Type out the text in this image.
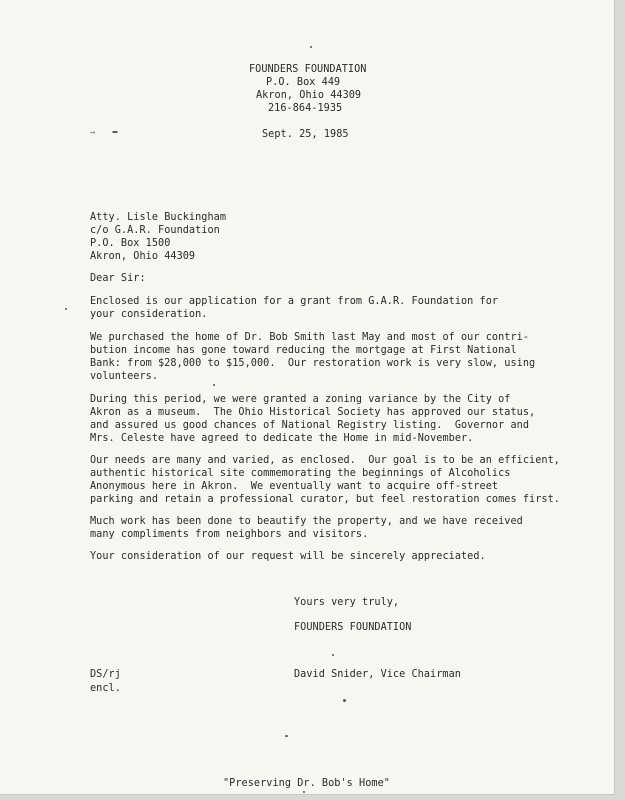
FOUNDERS FOUNDATION
P.O. Box 449
Akron, Ohio 44309
216-864-1935
Sept. 25, 1985
Atty. Lisle Buckingham
c/o G.A.R. Foundation
P.O. Box 1500
Akron, Ohio 44309
Dear Sir:
Enclosed is our application for a grant from G.A.R. Foundation for
your consideration.
We purchased the home of Dr. Bob Smith last May and most of our contri-
bution income has gone toward reducing the mortgage at First National
Bank: from $28,000 to $15,000.  Our restoration work is very slow, using
volunteers.
During this period, we were granted a zoning variance by the City of
Akron as a museum.  The Ohio Historical Society has approved our status,
and assured us good chances of National Registry listing.  Governor and
Mrs. Celeste have agreed to dedicate the Home in mid-November.
Our needs are many and varied, as enclosed.  Our goal is to be an efficient,
authentic historical site commemorating the beginnings of Alcoholics
Anonymous here in Akron.  We eventually want to acquire off-street
parking and retain a professional curator, but feel restoration comes first.
Much work has been done to beautify the property, and we have received
many compliments from neighbors and visitors.
Your consideration of our request will be sincerely appreciated.
Yours very truly,
FOUNDERS FOUNDATION
David Snider, Vice Chairman
DS/rj
encl.
"Preserving Dr. Bob's Home"
→
